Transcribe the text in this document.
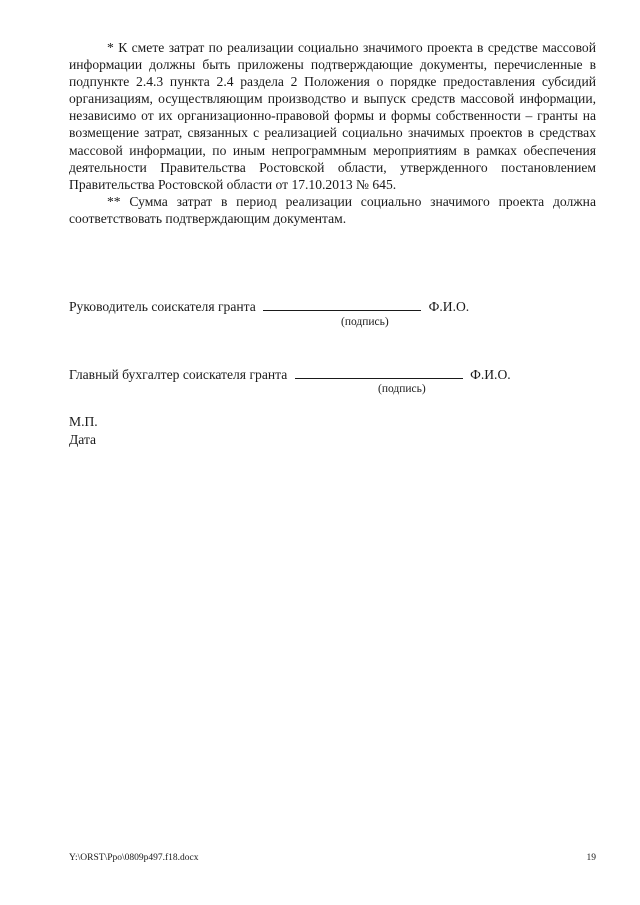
* К смете затрат по реализации социально значимого проекта в средстве массовой информации должны быть приложены подтверждающие документы, перечисленные в подпункте 2.4.3 пункта 2.4 раздела 2 Положения о порядке предоставления субсидий организациям, осуществляющим производство и выпуск средств массовой информации, независимо от их организационно-правовой формы и формы собственности – гранты на возмещение затрат, связанных с реализацией социально значимых проектов в средствах массовой информации, по иным непрограммным мероприятиям в рамках обеспечения деятельности Правительства Ростовской области, утвержденного постановлением Правительства Ростовской области от 17.10.2013 № 645.

** Сумма затрат в период реализации социально значимого проекта должна соответствовать подтверждающим документам.

Руководитель соискателя гранта	Ф.И.О.
(подпись)
Главный бухгалтер соискателя гранта	Ф.И.О.
(подпись)
М.П.
Дата
Y:\ORST\Ppo\0809p497.f18.docx	19
